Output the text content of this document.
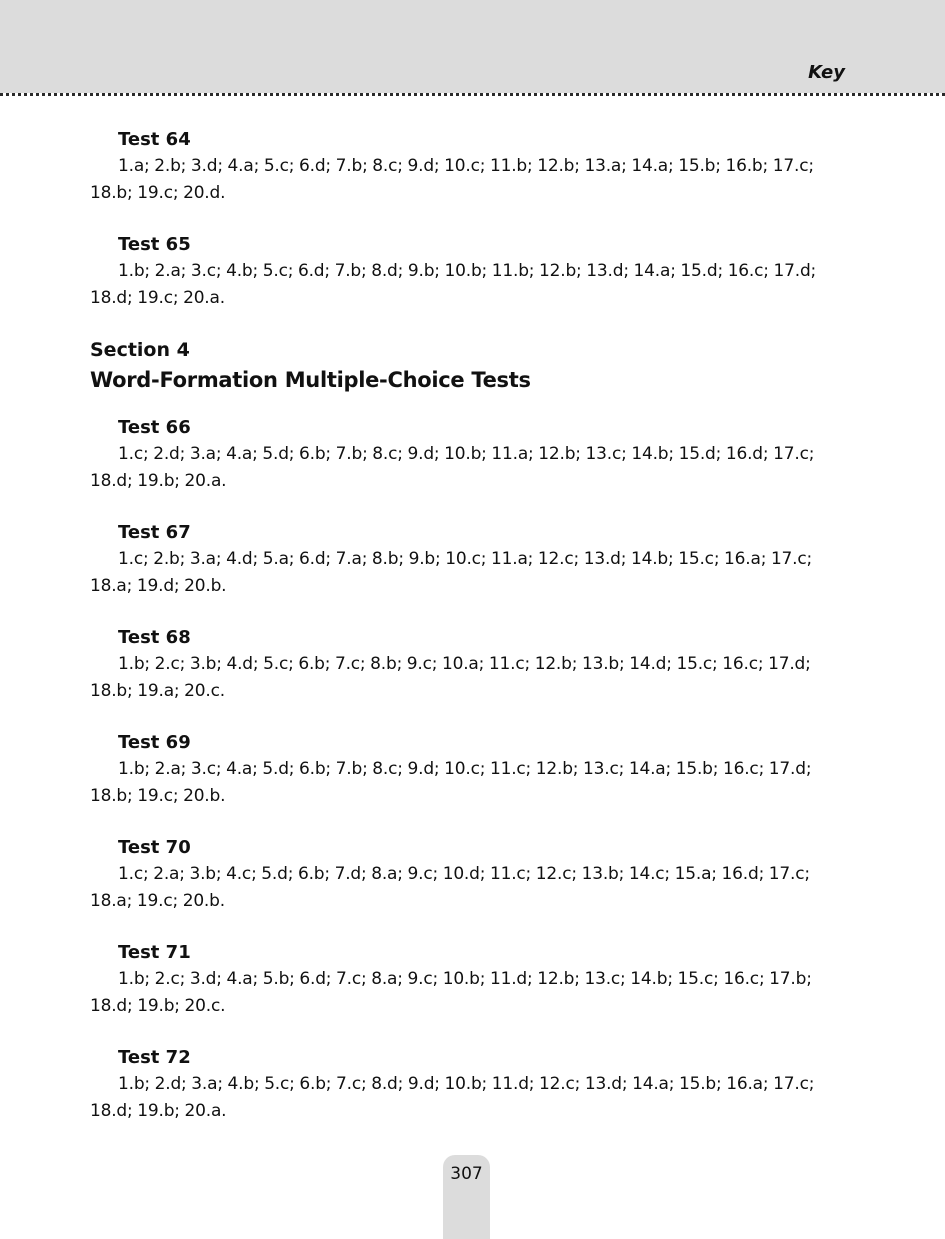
Key
Test 64
1.a; 2.b; 3.d; 4.a; 5.c; 6.d; 7.b; 8.c; 9.d; 10.c; 11.b; 12.b; 13.a; 14.a; 15.b; 16.b; 17.c; 18.b; 19.c; 20.d.
Test 65
1.b; 2.a; 3.c; 4.b; 5.c; 6.d; 7.b; 8.d; 9.b; 10.b; 11.b; 12.b; 13.d; 14.a; 15.d; 16.c; 17.d; 18.d; 19.c; 20.a.
Section 4
Word-Formation Multiple-Choice Tests
Test 66
1.c; 2.d; 3.a; 4.a; 5.d; 6.b; 7.b; 8.c; 9.d; 10.b; 11.a; 12.b; 13.c; 14.b; 15.d; 16.d; 17.c; 18.d; 19.b; 20.a.
Test 67
1.c; 2.b; 3.a; 4.d; 5.a; 6.d; 7.a; 8.b; 9.b; 10.c; 11.a; 12.c; 13.d; 14.b; 15.c; 16.a; 17.c; 18.a; 19.d; 20.b.
Test 68
1.b; 2.c; 3.b; 4.d; 5.c; 6.b; 7.c; 8.b; 9.c; 10.a; 11.c; 12.b; 13.b; 14.d; 15.c; 16.c; 17.d; 18.b; 19.a; 20.c.
Test 69
1.b; 2.a; 3.c; 4.a; 5.d; 6.b; 7.b; 8.c; 9.d; 10.c; 11.c; 12.b; 13.c; 14.a; 15.b; 16.c; 17.d; 18.b; 19.c; 20.b.
Test 70
1.c; 2.a; 3.b; 4.c; 5.d; 6.b; 7.d; 8.a; 9.c; 10.d; 11.c; 12.c; 13.b; 14.c; 15.a; 16.d; 17.c; 18.a; 19.c; 20.b.
Test 71
1.b; 2.c; 3.d; 4.a; 5.b; 6.d; 7.c; 8.a; 9.c; 10.b; 11.d; 12.b; 13.c; 14.b; 15.c; 16.c; 17.b; 18.d; 19.b; 20.c.
Test 72
1.b; 2.d; 3.a; 4.b; 5.c; 6.b; 7.c; 8.d; 9.d; 10.b; 11.d; 12.c; 13.d; 14.a; 15.b; 16.a; 17.c; 18.d; 19.b; 20.a.
307
